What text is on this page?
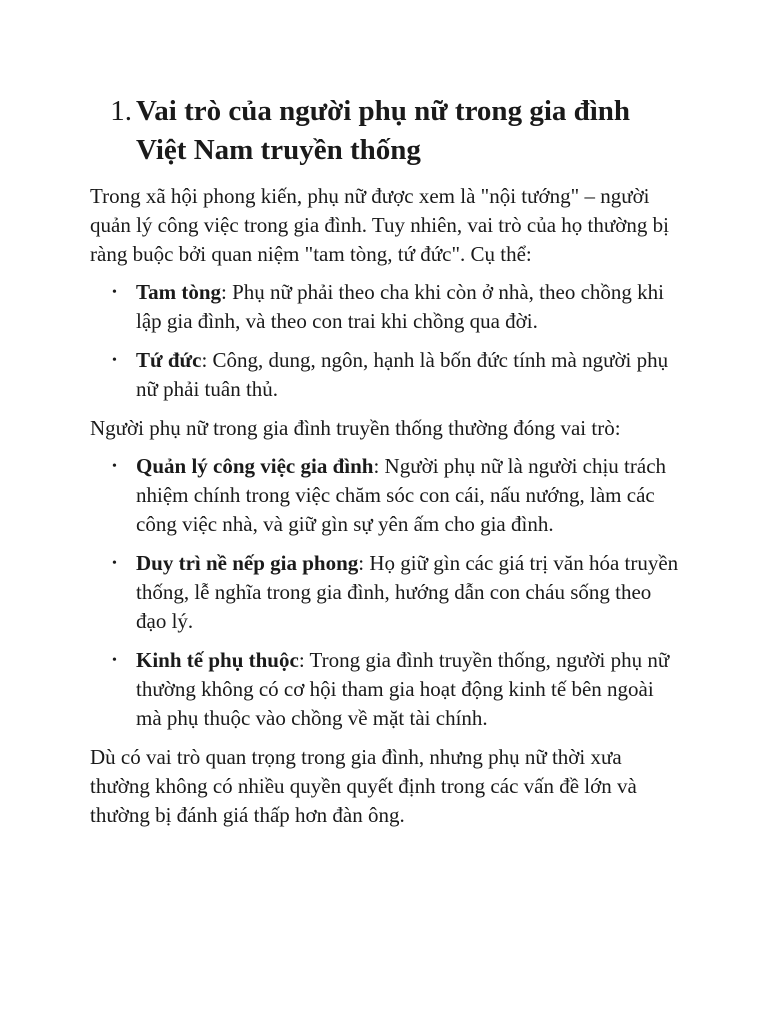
1. Vai trò của người phụ nữ trong gia đình Việt Nam truyền thống

Trong xã hội phong kiến, phụ nữ được xem là "nội tướng" – người quản lý công việc trong gia đình. Tuy nhiên, vai trò của họ thường bị ràng buộc bởi quan niệm "tam tòng, tứ đức". Cụ thể:

• Tam tòng: Phụ nữ phải theo cha khi còn ở nhà, theo chồng khi lập gia đình, và theo con trai khi chồng qua đời.
• Tứ đức: Công, dung, ngôn, hạnh là bốn đức tính mà người phụ nữ phải tuân thủ.

Người phụ nữ trong gia đình truyền thống thường đóng vai trò:

• Quản lý công việc gia đình: Người phụ nữ là người chịu trách nhiệm chính trong việc chăm sóc con cái, nấu nướng, làm các công việc nhà, và giữ gìn sự yên ấm cho gia đình.
• Duy trì nề nếp gia phong: Họ giữ gìn các giá trị văn hóa truyền thống, lễ nghĩa trong gia đình, hướng dẫn con cháu sống theo đạo lý.
• Kinh tế phụ thuộc: Trong gia đình truyền thống, người phụ nữ thường không có cơ hội tham gia hoạt động kinh tế bên ngoài mà phụ thuộc vào chồng về mặt tài chính.

Dù có vai trò quan trọng trong gia đình, nhưng phụ nữ thời xưa thường không có nhiều quyền quyết định trong các vấn đề lớn và thường bị đánh giá thấp hơn đàn ông.
